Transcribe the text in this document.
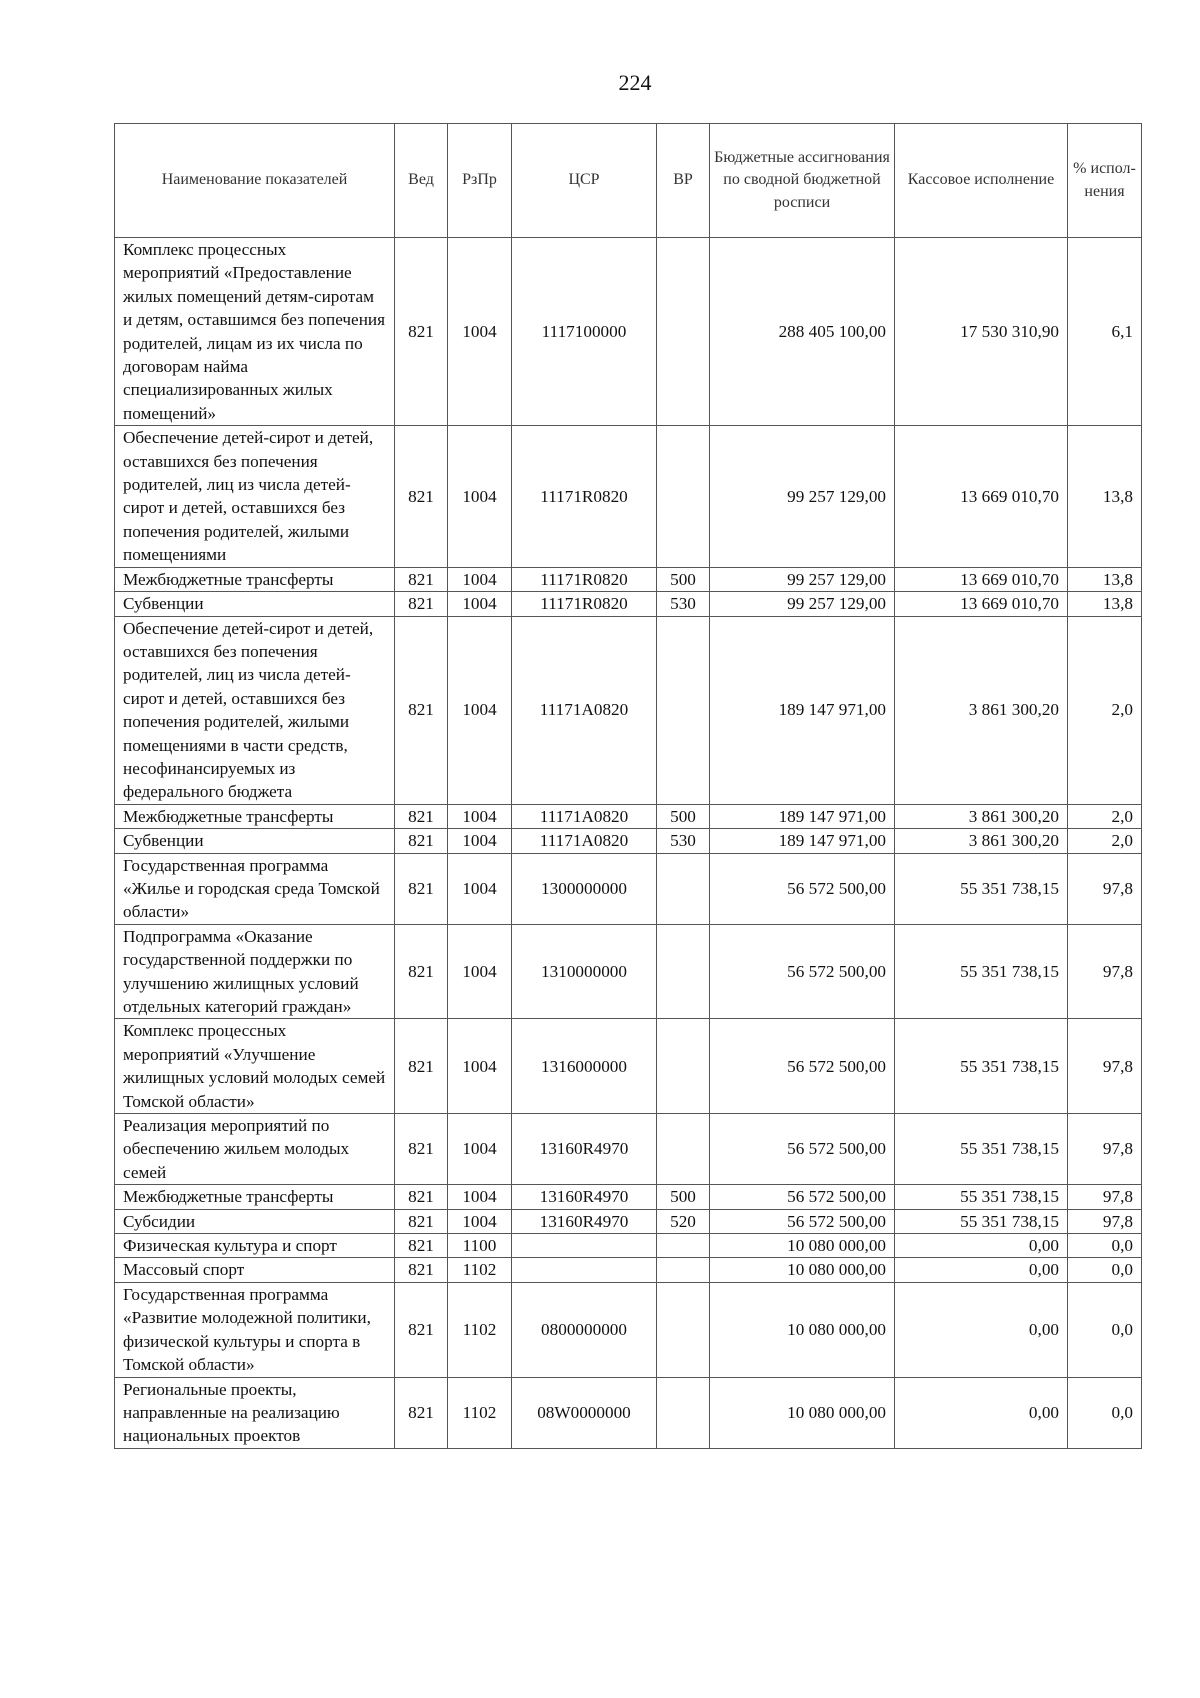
224
Наименование показателей	Вед	РзПр	ЦСР	ВР	Бюджетные ассигнования по сводной бюджетной росписи	Кассовое исполнение	% испол-нения
Комплекс процессных мероприятий «Предоставление жилых помещений детям-сиротам и детям, оставшимся без попечения родителей, лицам из их числа по договорам найма специализированных жилых помещений»	821	1004	1117100000		288 405 100,00	17 530 310,90	6,1
Обеспечение детей-сирот и детей, оставшихся без попечения родителей, лиц из числа детей-сирот и детей, оставшихся без попечения родителей, жилыми помещениями	821	1004	11171R0820		99 257 129,00	13 669 010,70	13,8
Межбюджетные трансферты	821	1004	11171R0820	500	99 257 129,00	13 669 010,70	13,8
Субвенции	821	1004	11171R0820	530	99 257 129,00	13 669 010,70	13,8
Обеспечение детей-сирот и детей, оставшихся без попечения родителей, лиц из числа детей-сирот и детей, оставшихся без попечения родителей, жилыми помещениями в части средств, несофинансируемых из федерального бюджета	821	1004	11171A0820		189 147 971,00	3 861 300,20	2,0
Межбюджетные трансферты	821	1004	11171A0820	500	189 147 971,00	3 861 300,20	2,0
Субвенции	821	1004	11171A0820	530	189 147 971,00	3 861 300,20	2,0
Государственная программа «Жилье и городская среда Томской области»	821	1004	1300000000		56 572 500,00	55 351 738,15	97,8
Подпрограмма «Оказание государственной поддержки по улучшению жилищных условий отдельных категорий граждан»	821	1004	1310000000		56 572 500,00	55 351 738,15	97,8
Комплекс процессных мероприятий «Улучшение жилищных условий молодых семей Томской области»	821	1004	1316000000		56 572 500,00	55 351 738,15	97,8
Реализация мероприятий по обеспечению жильем молодых семей	821	1004	13160R4970		56 572 500,00	55 351 738,15	97,8
Межбюджетные трансферты	821	1004	13160R4970	500	56 572 500,00	55 351 738,15	97,8
Субсидии	821	1004	13160R4970	520	56 572 500,00	55 351 738,15	97,8
Физическая культура и спорт	821	1100			10 080 000,00	0,00	0,0
Массовый спорт	821	1102			10 080 000,00	0,00	0,0
Государственная программа «Развитие молодежной политики, физической культуры и спорта в Томской области»	821	1102	0800000000		10 080 000,00	0,00	0,0
Региональные проекты, направленные на реализацию национальных проектов	821	1102	08W0000000		10 080 000,00	0,00	0,0
